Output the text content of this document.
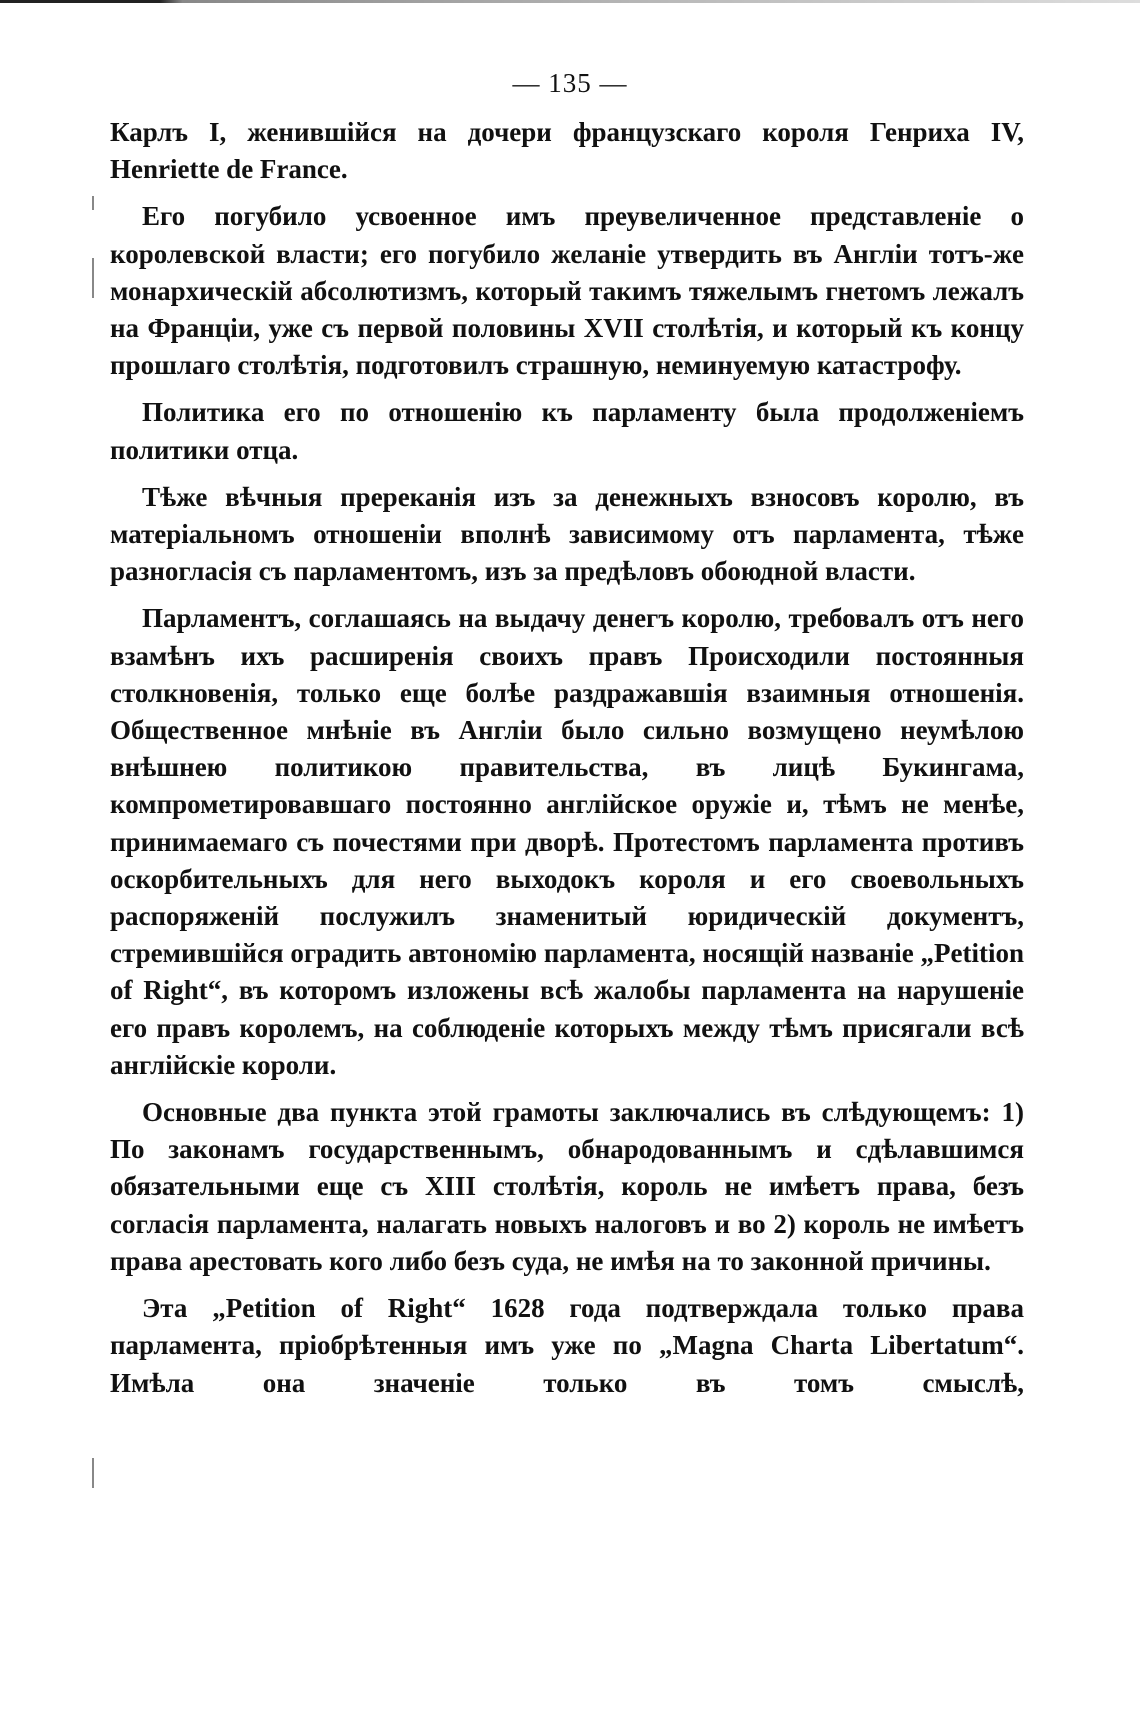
— 135 —

Карлъ I, женившійся на дочери французскаго короля Генриха IV, Henriette de France.

Его погубило усвоенное имъ преувеличенное представленіе о королевской власти; его погубило желаніе утвердить въ Англіи тотъ-же монархическій абсолютизмъ, который такимъ тяжелымъ гнетомъ лежалъ на Франціи, уже съ первой половины XVII столѣтія, и который къ концу прошлаго столѣтія, подготовилъ страшную, неминуемую катастрофу.

Политика его по отношенію къ парламенту была продолженіемъ политики отца.

Тѣже вѣчныя пререканія изъ за денежныхъ взносовъ королю, въ матеріальномъ отношеніи вполнѣ зависимому отъ парламента, тѣже разногласія съ парламентомъ, изъ за предѣловъ обоюдной власти.

Парламентъ, соглашаясь на выдачу денегъ королю, требовалъ отъ него взамѣнъ ихъ расширенія своихъ правъ Происходили постоянныя столкновенія, только еще болѣе раздражавшія взаимныя отношенія. Общественное мнѣніе въ Англіи было сильно возмущено неумѣлою внѣшнею политикою правительства, въ лицѣ Букингама, компрометировавшаго постоянно англійское оружіе и, тѣмъ не менѣе, принимаемаго съ почестями при дворѣ. Протестомъ парламента противъ оскорбительныхъ для него выходокъ короля и его своевольныхъ распоряженій послужилъ знаменитый юридическій документъ, стремившійся оградить автономію парламента, носящій названіе „Petition of Right“, въ которомъ изложены всѣ жалобы парламента на нарушеніе его правъ королемъ, на соблюденіе которыхъ между тѣмъ присягали всѣ англійскіе короли.

Основные два пункта этой грамоты заключались въ слѣдующемъ: 1) По законамъ государственнымъ, обнародованнымъ и сдѣлавшимся обязательными еще съ XIII столѣтія, король не имѣетъ права, безъ согласія парламента, налагать новыхъ налоговъ и во 2) король не имѣетъ права арестовать кого либо безъ суда, не имѣя на то законной причины.

Эта „Petition of Right“ 1628 года подтверждала только права парламента, пріобрѣтенныя имъ уже по „Magna Charta Libertatum“. Имѣла она значеніе только въ томъ смыслѣ,
